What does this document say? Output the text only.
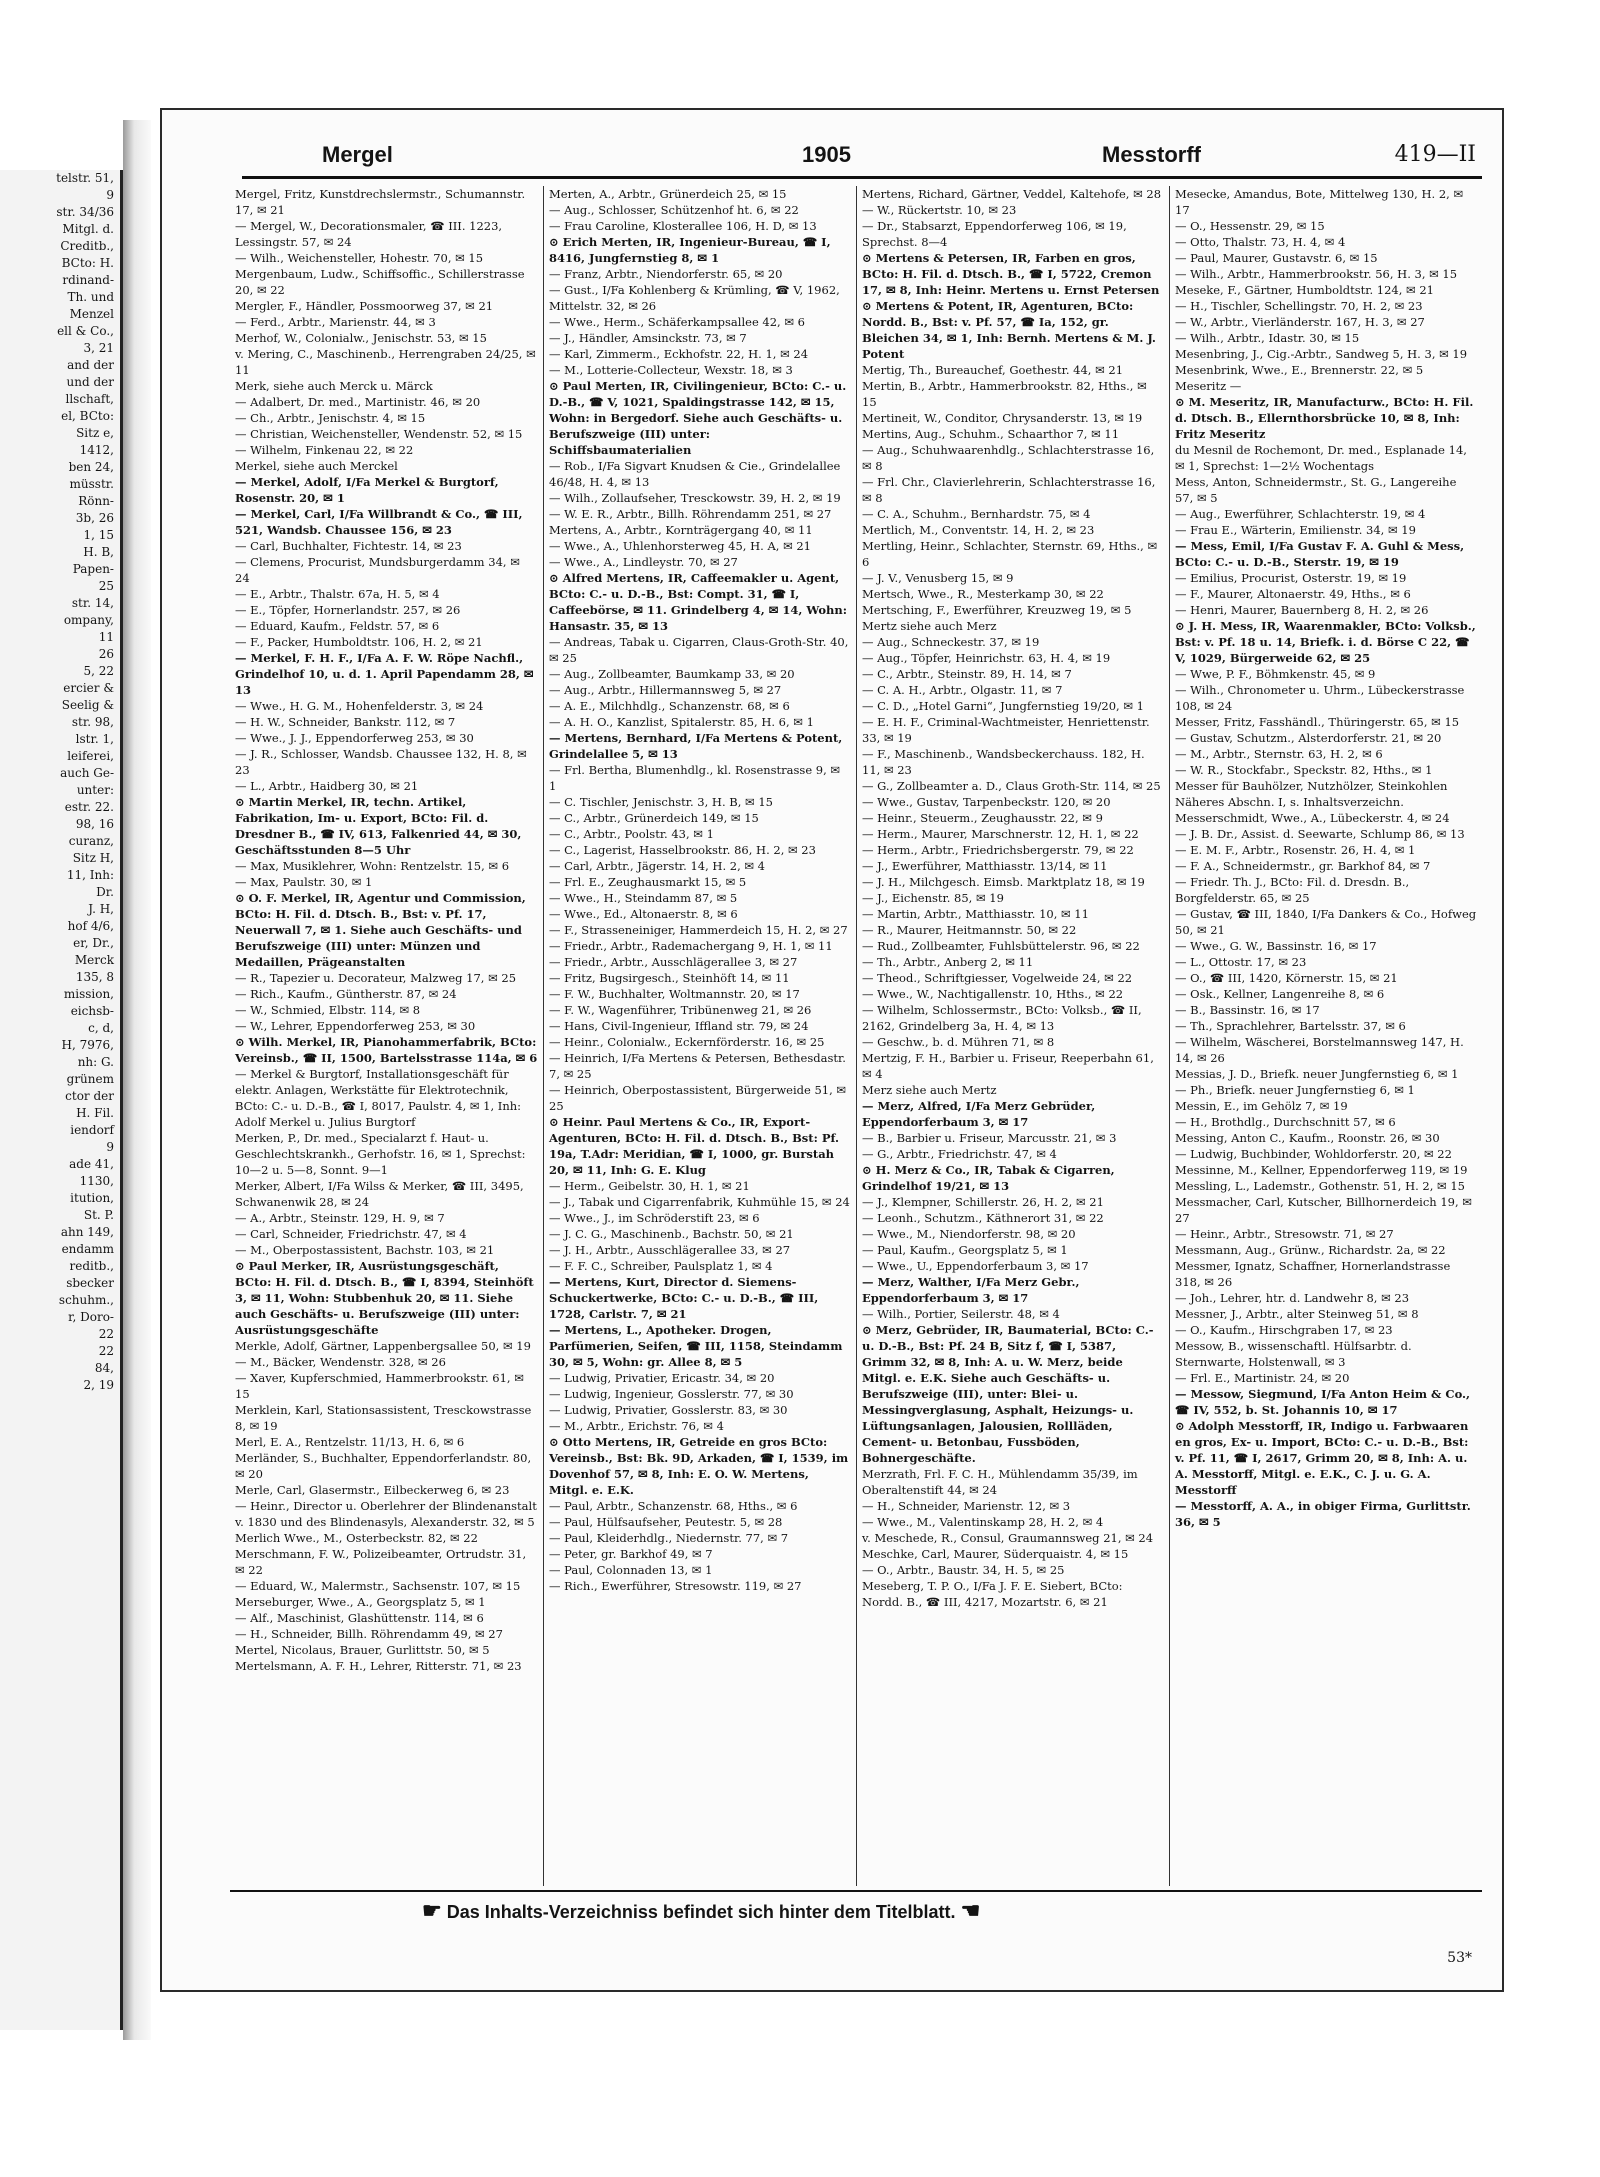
telstr. 51,
9
str. 34/36
Mitgl. d.
Creditb.,
BCto: H.
rdinand-
Th. und
Menzel
ell & Co.,
3, 21
and der
und der
llschaft,
el, BCto:
Sitz e,
1412,
ben 24,
müsstr.
Rönn-
3b, 26
1, 15
H. B,
Papen-
25
str. 14,
ompany,
11
26
5, 22
ercier &
Seelig &
str. 98,
lstr. 1,
leiferei,
auch Ge-
unter:
estr. 22.
98, 16
curanz,
Sitz H,
11, Inh:
Dr.
J. H,
hof 4/6,
er, Dr.,
Merck
135, 8
mission,
eichsb-
c, d,
H, 7976,
nh: G.
grünem
ctor der
H. Fil.
iendorf
9
ade 41,
1130,
itution,
St. P.
ahn 149,
endamm
reditb.,
sbecker
schuhm.,
r, Doro-
22
22
84,
2, 19
Mergel	1905	Messtorff	419—II
Mergel, Fritz, Kunstdrechslermstr., Schumannstr. 17, ✉ 21
— Mergel, W., Decorationsmaler, ☎ III. 1223, Lessingstr. 57, ✉ 24
— Wilh., Weichensteller, Hohestr. 70, ✉ 15
Mergenbaum, Ludw., Schiffsoffic., Schillerstrasse 20, ✉ 22
Mergler, F., Händler, Possmoorweg 37, ✉ 21
— Ferd., Arbtr., Marienstr. 44, ✉ 3
Merhof, W., Colonialw., Jenischstr. 53, ✉ 15
v. Mering, C., Maschinenb., Herrengraben 24/25, ✉ 11
Merk, siehe auch Merck u. Märck
— Adalbert, Dr. med., Martinistr. 46, ✉ 20
— Ch., Arbtr., Jenischstr. 4, ✉ 15
— Christian, Weichensteller, Wendenstr. 52, ✉ 15
— Wilhelm, Finkenau 22, ✉ 22
Merkel, siehe auch Merckel
— Merkel, Adolf, I/Fa Merkel & Burgtorf, Rosenstr. 20, ✉ 1
— Merkel, Carl, I/Fa Willbrandt & Co., ☎ III, 521, Wandsb. Chaussee 156, ✉ 23
— Carl, Buchhalter, Fichtestr. 14, ✉ 23
— Clemens, Procurist, Mundsburgerdamm 34, ✉ 24
— E., Arbtr., Thalstr. 67a, H. 5, ✉ 4
— E., Töpfer, Hornerlandstr. 257, ✉ 26
— Eduard, Kaufm., Feldstr. 57, ✉ 6
— F., Packer, Humboldtstr. 106, H. 2, ✉ 21
— Merkel, F. H. F., I/Fa A. F. W. Röpe Nachfl., Grindelhof 10, u. d. 1. April Papendamm 28, ✉ 13
— Wwe., H. G. M., Hohenfelderstr. 3, ✉ 24
— H. W., Schneider, Bankstr. 112, ✉ 7
— Wwe., J. J., Eppendorferweg 253, ✉ 30
— J. R., Schlosser, Wandsb. Chaussee 132, H. 8, ✉ 23
— L., Arbtr., Haidberg 30, ✉ 21
⊙ Martin Merkel, IR, techn. Artikel, Fabrikation, Im- u. Export, BCto: Fil. d. Dresdner B., ☎ IV, 613, Falkenried 44, ✉ 30, Geschäftsstunden 8—5 Uhr
— Max, Musiklehrer, Wohn: Rentzelstr. 15, ✉ 6
— Max, Paulstr. 30, ✉ 1
⊙ O. F. Merkel, IR, Agentur und Commission, BCto: H. Fil. d. Dtsch. B., Bst: v. Pf. 17, Neuerwall 7, ✉ 1. Siehe auch Geschäfts- und Berufszweige (III) unter: Münzen und Medaillen, Prägeanstalten
— R., Tapezier u. Decorateur, Malzweg 17, ✉ 25
— Rich., Kaufm., Güntherstr. 87, ✉ 24
— W., Schmied, Elbstr. 114, ✉ 8
— W., Lehrer, Eppendorferweg 253, ✉ 30
⊙ Wilh. Merkel, IR, Pianohammerfabrik, BCto: Vereinsb., ☎ II, 1500, Bartelsstrasse 114a, ✉ 6
— Merkel & Burgtorf, Installationsgeschäft für elektr. Anlagen, Werkstätte für Elektrotechnik, BCto: C.- u. D.-B., ☎ I, 8017, Paulstr. 4, ✉ 1, Inh: Adolf Merkel u. Julius Burgtorf
Merken, P., Dr. med., Specialarzt f. Haut- u. Geschlechtskrankh., Gerhofstr. 16, ✉ 1, Sprechst: 10—2 u. 5—8, Sonnt. 9—1
Merker, Albert, I/Fa Wilss & Merker, ☎ III, 3495, Schwanenwik 28, ✉ 24
— A., Arbtr., Steinstr. 129, H. 9, ✉ 7
— Carl, Schneider, Friedrichstr. 47, ✉ 4
— M., Oberpostassistent, Bachstr. 103, ✉ 21
⊙ Paul Merker, IR, Ausrüstungsgeschäft, BCto: H. Fil. d. Dtsch. B., ☎ I, 8394, Steinhöft 3, ✉ 11, Wohn: Stubbenhuk 20, ✉ 11. Siehe auch Geschäfts- u. Berufszweige (III) unter: Ausrüstungsgeschäfte
Merkle, Adolf, Gärtner, Lappenbergsallee 50, ✉ 19
— M., Bäcker, Wendenstr. 328, ✉ 26
— Xaver, Kupferschmied, Hammerbrookstr. 61, ✉ 15
Merklein, Karl, Stationsassistent, Tresckowstrasse 8, ✉ 19
Merl, E. A., Rentzelstr. 11/13, H. 6, ✉ 6
Merländer, S., Buchhalter, Eppendorferlandstr. 80, ✉ 20
Merle, Carl, Glasermstr., Eilbeckerweg 6, ✉ 23
— Heinr., Director u. Oberlehrer der Blindenanstalt v. 1830 und des Blindenasyls, Alexanderstr. 32, ✉ 5
Merlich Wwe., M., Osterbeckstr. 82, ✉ 22
Merschmann, F. W., Polizeibeamter, Ortrudstr. 31, ✉ 22
— Eduard, W., Malermstr., Sachsenstr. 107, ✉ 15
Merseburger, Wwe., A., Georgsplatz 5, ✉ 1
— Alf., Maschinist, Glashüttenstr. 114, ✉ 6
— H., Schneider, Billh. Röhrendamm 49, ✉ 27
Mertel, Nicolaus, Brauer, Gurlittstr. 50, ✉ 5
Mertelsmann, A. F. H., Lehrer, Ritterstr. 71, ✉ 23
Merten, A., Arbtr., Grünerdeich 25, ✉ 15
— Aug., Schlosser, Schützenhof ht. 6, ✉ 22
— Frau Caroline, Klosterallee 106, H. D, ✉ 13
⊙ Erich Merten, IR, Ingenieur-Bureau, ☎ I, 8416, Jungfernstieg 8, ✉ 1
— Franz, Arbtr., Niendorferstr. 65, ✉ 20
— Gust., I/Fa Kohlenberg & Krümling, ☎ V, 1962, Mittelstr. 32, ✉ 26
— Wwe., Herm., Schäferkampsallee 42, ✉ 6
— J., Händler, Amsinckstr. 73, ✉ 7
— Karl, Zimmerm., Eckhofstr. 22, H. 1, ✉ 24
— M., Lotterie-Collecteur, Wexstr. 18, ✉ 3
⊙ Paul Merten, IR, Civilingenieur, BCto: C.- u. D.-B., ☎ V, 1021, Spaldingstrasse 142, ✉ 15, Wohn: in Bergedorf. Siehe auch Geschäfts- u. Berufszweige (III) unter: Schiffsbaumaterialien
— Rob., I/Fa Sigvart Knudsen & Cie., Grindelallee 46/48, H. 4, ✉ 13
— Wilh., Zollaufseher, Tresckowstr. 39, H. 2, ✉ 19
— W. E. R., Arbtr., Billh. Röhrendamm 251, ✉ 27
Mertens, A., Arbtr., Kornträgergang 40, ✉ 11
— Wwe., A., Uhlenhorsterweg 45, H. A, ✉ 21
— Wwe., A., Lindleystr. 70, ✉ 27
⊙ Alfred Mertens, IR, Caffeemakler u. Agent, BCto: C.- u. D.-B., Bst: Compt. 31, ☎ I, Caffeebörse, ✉ 11. Grindelberg 4, ✉ 14, Wohn: Hansastr. 35, ✉ 13
— Andreas, Tabak u. Cigarren, Claus-Groth-Str. 40, ✉ 25
— Aug., Zollbeamter, Baumkamp 33, ✉ 20
— Aug., Arbtr., Hillermannsweg 5, ✉ 27
— A. E., Milchhdlg., Schanzenstr. 68, ✉ 6
— A. H. O., Kanzlist, Spitalerstr. 85, H. 6, ✉ 1
— Mertens, Bernhard, I/Fa Mertens & Potent, Grindelallee 5, ✉ 13
— Frl. Bertha, Blumenhdlg., kl. Rosenstrasse 9, ✉ 1
— C. Tischler, Jenischstr. 3, H. B, ✉ 15
— C., Arbtr., Grünerdeich 149, ✉ 15
— C., Arbtr., Poolstr. 43, ✉ 1
— C., Lagerist, Hasselbrookstr. 86, H. 2, ✉ 23
— Carl, Arbtr., Jägerstr. 14, H. 2, ✉ 4
— Frl. E., Zeughausmarkt 15, ✉ 5
— Wwe., H., Steindamm 87, ✉ 5
— Wwe., Ed., Altonaerstr. 8, ✉ 6
— F., Strasseneiniger, Hammerdeich 15, H. 2, ✉ 27
— Friedr., Arbtr., Rademachergang 9, H. 1, ✉ 11
— Friedr., Arbtr., Ausschlägerallee 3, ✉ 27
— Fritz, Bugsirgesch., Steinhöft 14, ✉ 11
— F. W., Buchhalter, Woltmannstr. 20, ✉ 17
— F. W., Wagenführer, Tribünenweg 21, ✉ 26
— Hans, Civil-Ingenieur, Iffland str. 79, ✉ 24
— Heinr., Colonialw., Eckernförderstr. 16, ✉ 25
— Heinrich, I/Fa Mertens & Petersen, Bethesdastr. 7, ✉ 25
— Heinrich, Oberpostassistent, Bürgerweide 51, ✉ 25
⊙ Heinr. Paul Mertens & Co., IR, Export-Agenturen, BCto: H. Fil. d. Dtsch. B., Bst: Pf. 19a, T.Adr: Meridian, ☎ I, 1000, gr. Burstah 20, ✉ 11, Inh: G. E. Klug
— Herm., Geibelstr. 30, H. 1, ✉ 21
— J., Tabak und Cigarrenfabrik, Kuhmühle 15, ✉ 24
— Wwe., J., im Schröderstift 23, ✉ 6
— J. C. G., Maschinenb., Bachstr. 50, ✉ 21
— J. H., Arbtr., Ausschlägerallee 33, ✉ 27
— F. F. C., Schreiber, Paulsplatz 1, ✉ 4
— Mertens, Kurt, Director d. Siemens-Schuckertwerke, BCto: C.- u. D.-B., ☎ III, 1728, Carlstr. 7, ✉ 21
— Mertens, L., Apotheker. Drogen, Parfümerien, Seifen, ☎ III, 1158, Steindamm 30, ✉ 5, Wohn: gr. Allee 8, ✉ 5
— Ludwig, Privatier, Ericastr. 34, ✉ 20
— Ludwig, Ingenieur, Gosslerstr. 77, ✉ 30
— Ludwig, Privatier, Gosslerstr. 83, ✉ 30
— M., Arbtr., Erichstr. 76, ✉ 4
⊙ Otto Mertens, IR, Getreide en gros BCto: Vereinsb., Bst: Bk. 9D, Arkaden, ☎ I, 1539, im Dovenhof 57, ✉ 8, Inh: E. O. W. Mertens, Mitgl. e. E.K.
— Paul, Arbtr., Schanzenstr. 68, Hths., ✉ 6
— Paul, Hülfsaufseher, Peutestr. 5, ✉ 28
— Paul, Kleiderhdlg., Niedernstr. 77, ✉ 7
— Peter, gr. Barkhof 49, ✉ 7
— Paul, Colonnaden 13, ✉ 1
— Rich., Ewerführer, Stresowstr. 119, ✉ 27
Mertens, Richard, Gärtner, Veddel, Kaltehofe, ✉ 28
— W., Rückertstr. 10, ✉ 23
— Dr., Stabsarzt, Eppendorferweg 106, ✉ 19, Sprechst. 8—4
⊙ Mertens & Petersen, IR, Farben en gros, BCto: H. Fil. d. Dtsch. B., ☎ I, 5722, Cremon 17, ✉ 8, Inh: Heinr. Mertens u. Ernst Petersen
⊙ Mertens & Potent, IR, Agenturen, BCto: Nordd. B., Bst: v. Pf. 57, ☎ Ia, 152, gr. Bleichen 34, ✉ 1, Inh: Bernh. Mertens & M. J. Potent
Mertig, Th., Bureauchef, Goethestr. 44, ✉ 21
Mertin, B., Arbtr., Hammerbrookstr. 82, Hths., ✉ 15
Mertineit, W., Conditor, Chrysanderstr. 13, ✉ 19
Mertins, Aug., Schuhm., Schaarthor 7, ✉ 11
— Aug., Schuhwaarenhdlg., Schlachterstrasse 16, ✉ 8
— Frl. Chr., Clavierlehrerin, Schlachterstrasse 16, ✉ 8
— C. A., Schuhm., Bernhardstr. 75, ✉ 4
Mertlich, M., Conventstr. 14, H. 2, ✉ 23
Mertling, Heinr., Schlachter, Sternstr. 69, Hths., ✉ 6
— J. V., Venusberg 15, ✉ 9
Mertsch, Wwe., R., Mesterkamp 30, ✉ 22
Mertsching, F., Ewerführer, Kreuzweg 19, ✉ 5
Mertz siehe auch Merz
— Aug., Schneckestr. 37, ✉ 19
— Aug., Töpfer, Heinrichstr. 63, H. 4, ✉ 19
— C., Arbtr., Steinstr. 89, H. 14, ✉ 7
— C. A. H., Arbtr., Olgastr. 11, ✉ 7
— C. D., „Hotel Garni“, Jungfernstieg 19/20, ✉ 1
— E. H. F., Criminal-Wachtmeister, Henriettenstr. 33, ✉ 19
— F., Maschinenb., Wandsbeckerchauss. 182, H. 11, ✉ 23
— G., Zollbeamter a. D., Claus Groth-Str. 114, ✉ 25
— Wwe., Gustav, Tarpenbeckstr. 120, ✉ 20
— Heinr., Steuerm., Zeughausstr. 22, ✉ 9
— Herm., Maurer, Marschnerstr. 12, H. 1, ✉ 22
— Herm., Arbtr., Friedrichsbergerstr. 79, ✉ 22
— J., Ewerführer, Matthiasstr. 13/14, ✉ 11
— J. H., Milchgesch. Eimsb. Marktplatz 18, ✉ 19
— J., Eichenstr. 85, ✉ 19
— Martin, Arbtr., Matthiasstr. 10, ✉ 11
— R., Maurer, Heitmannstr. 50, ✉ 22
— Rud., Zollbeamter, Fuhlsbüttelerstr. 96, ✉ 22
— Th., Arbtr., Anberg 2, ✉ 11
— Theod., Schriftgiesser, Vogelweide 24, ✉ 22
— Wwe., W., Nachtigallenstr. 10, Hths., ✉ 22
— Wilhelm, Schlossermstr., BCto: Volksb., ☎ II, 2162, Grindelberg 3a, H. 4, ✉ 13
— Geschw., b. d. Mühren 71, ✉ 8
Mertzig, F. H., Barbier u. Friseur, Reeperbahn 61, ✉ 4
Merz siehe auch Mertz
— Merz, Alfred, I/Fa Merz Gebrüder, Eppendorferbaum 3, ✉ 17
— B., Barbier u. Friseur, Marcusstr. 21, ✉ 3
— G., Arbtr., Friedrichstr. 47, ✉ 4
⊙ H. Merz & Co., IR, Tabak & Cigarren, Grindelhof 19/21, ✉ 13
— J., Klempner, Schillerstr. 26, H. 2, ✉ 21
— Leonh., Schutzm., Käthnerort 31, ✉ 22
— Wwe., M., Niendorferstr. 98, ✉ 20
— Paul, Kaufm., Georgsplatz 5, ✉ 1
— Wwe., U., Eppendorferbaum 3, ✉ 17
— Merz, Walther, I/Fa Merz Gebr., Eppendorferbaum 3, ✉ 17
— Wilh., Portier, Seilerstr. 48, ✉ 4
⊙ Merz, Gebrüder, IR, Baumaterial, BCto: C.- u. D.-B., Bst: Pf. 24 B, Sitz f, ☎ I, 5387, Grimm 32, ✉ 8, Inh: A. u. W. Merz, beide Mitgl. e. E.K. Siehe auch Geschäfts- u. Berufszweige (III), unter: Blei- u. Messingverglasung, Asphalt, Heizungs- u. Lüftungsanlagen, Jalousien, Rollläden, Cement- u. Betonbau, Fussböden, Bohnergeschäfte.
Merzrath, Frl. F. C. H., Mühlendamm 35/39, im Oberaltenstift 44, ✉ 24
— H., Schneider, Marienstr. 12, ✉ 3
— Wwe., M., Valentinskamp 28, H. 2, ✉ 4
v. Meschede, R., Consul, Graumannsweg 21, ✉ 24
Meschke, Carl, Maurer, Süderquaistr. 4, ✉ 15
— O., Arbtr., Baustr. 34, H. 5, ✉ 25
Meseberg, T. P. O., I/Fa J. F. E. Siebert, BCto: Nordd. B., ☎ III, 4217, Mozartstr. 6, ✉ 21
Mesecke, Amandus, Bote, Mittelweg 130, H. 2, ✉ 17
— O., Hessenstr. 29, ✉ 15
— Otto, Thalstr. 73, H. 4, ✉ 4
— Paul, Maurer, Gustavstr. 6, ✉ 15
— Wilh., Arbtr., Hammerbrookstr. 56, H. 3, ✉ 15
Meseke, F., Gärtner, Humboldtstr. 124, ✉ 21
— H., Tischler, Schellingstr. 70, H. 2, ✉ 23
— W., Arbtr., Vierländerstr. 167, H. 3, ✉ 27
— Wilh., Arbtr., Idastr. 30, ✉ 15
Mesenbring, J., Cig.-Arbtr., Sandweg 5, H. 3, ✉ 19
Mesenbrink, Wwe., E., Brennerstr. 22, ✉ 5
Meseritz —
⊙ M. Meseritz, IR, Manufacturw., BCto: H. Fil. d. Dtsch. B., Ellernthorsbrücke 10, ✉ 8, Inh: Fritz Meseritz
du Mesnil de Rochemont, Dr. med., Esplanade 14, ✉ 1, Sprechst: 1—2½ Wochentags
Mess, Anton, Schneidermstr., St. G., Langereihe 57, ✉ 5
— Aug., Ewerführer, Schlachterstr. 19, ✉ 4
— Frau E., Wärterin, Emilienstr. 34, ✉ 19
— Mess, Emil, I/Fa Gustav F. A. Guhl & Mess, BCto: C.- u. D.-B., Sterstr. 19, ✉ 19
— Emilius, Procurist, Osterstr. 19, ✉ 19
— F., Maurer, Altonaerstr. 49, Hths., ✉ 6
— Henri, Maurer, Bauernberg 8, H. 2, ✉ 26
⊙ J. H. Mess, IR, Waarenmakler, BCto: Volksb., Bst: v. Pf. 18 u. 14, Briefk. i. d. Börse C 22, ☎ V, 1029, Bürgerweide 62, ✉ 25
— Wwe, P. F., Böhmkenstr. 45, ✉ 9
— Wilh., Chronometer u. Uhrm., Lübeckerstrasse 108, ✉ 24
Messer, Fritz, Fasshändl., Thüringerstr. 65, ✉ 15
— Gustav, Schutzm., Alsterdorferstr. 21, ✉ 20
— M., Arbtr., Sternstr. 63, H. 2, ✉ 6
— W. R., Stockfabr., Speckstr. 82, Hths., ✉ 1
Messer für Bauhölzer, Nutzhölzer, Steinkohlen Näheres Abschn. I, s. Inhaltsverzeichn.
Messerschmidt, Wwe., A., Lübeckerstr. 4, ✉ 24
— J. B. Dr., Assist. d. Seewarte, Schlump 86, ✉ 13
— E. M. F., Arbtr., Rosenstr. 26, H. 4, ✉ 1
— F. A., Schneidermstr., gr. Barkhof 84, ✉ 7
— Friedr. Th. J., BCto: Fil. d. Dresdn. B., Borgfelderstr. 65, ✉ 25
— Gustav, ☎ III, 1840, I/Fa Dankers & Co., Hofweg 50, ✉ 21
— Wwe., G. W., Bassinstr. 16, ✉ 17
— L., Ottostr. 17, ✉ 23
— O., ☎ III, 1420, Körnerstr. 15, ✉ 21
— Osk., Kellner, Langenreihe 8, ✉ 6
— B., Bassinstr. 16, ✉ 17
— Th., Sprachlehrer, Bartelsstr. 37, ✉ 6
— Wilhelm, Wäscherei, Borstelmannsweg 147, H. 14, ✉ 26
Messias, J. D., Briefk. neuer Jungfernstieg 6, ✉ 1
— Ph., Briefk. neuer Jungfernstieg 6, ✉ 1
Messin, E., im Gehölz 7, ✉ 19
— H., Brothdlg., Durchschnitt 57, ✉ 6
Messing, Anton C., Kaufm., Roonstr. 26, ✉ 30
— Ludwig, Buchbinder, Wohldorferstr. 20, ✉ 22
Messinne, M., Kellner, Eppendorferweg 119, ✉ 19
Messling, L., Lademstr., Gothenstr. 51, H. 2, ✉ 15
Messmacher, Carl, Kutscher, Billhornerdeich 19, ✉ 27
— Heinr., Arbtr., Stresowstr. 71, ✉ 27
Messmann, Aug., Grünw., Richardstr. 2a, ✉ 22
Messmer, Ignatz, Schaffner, Hornerlandstrasse 318, ✉ 26
— Joh., Lehrer, htr. d. Landwehr 8, ✉ 23
Messner, J., Arbtr., alter Steinweg 51, ✉ 8
— O., Kaufm., Hirschgraben 17, ✉ 23
Messow, B., wissenschaftl. Hülfsarbtr. d. Sternwarte, Holstenwall, ✉ 3
— Frl. E., Martinistr. 24, ✉ 20
— Messow, Siegmund, I/Fa Anton Heim & Co., ☎ IV, 552, b. St. Johannis 10, ✉ 17
⊙ Adolph Messtorff, IR, Indigo u. Farbwaaren en gros, Ex- u. Import, BCto: C.- u. D.-B., Bst: v. Pf. 11, ☎ I, 2617, Grimm 20, ✉ 8, Inh: A. u. A. Messtorff, Mitgl. e. E.K., C. J. u. G. A. Messtorff
— Messtorff, A. A., in obiger Firma, Gurlittstr. 36, ✉ 5
☛ Das Inhalts-Verzeichniss befindet sich hinter dem Titelblatt. ☚
53*
